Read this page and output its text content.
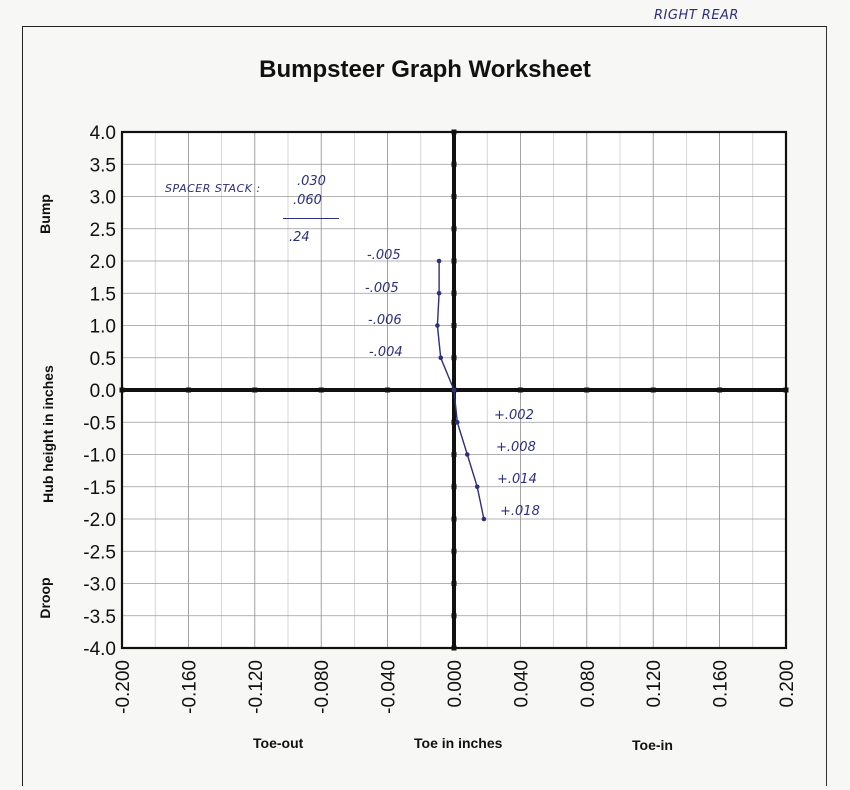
RIGHT REAR
Bumpsteer Graph Worksheet
4.0
3.5
3.0
2.5
2.0
1.5
1.0
0.5
0.0
-0.5
-1.0
-1.5
-2.0
-2.5
-3.0
-3.5
-4.0
-0.200 -0.160 -0.120 -0.080 -0.040 0.000 0.040 0.080 0.120 0.160 0.200
Bump
Hub height in inches
Droop
Toe-out	Toe in inches	Toe-in
SPACER STACK :	.030
.060
.24
-.005
-.005
-.006
-.004
+.002
+.008
+.014
+.018
